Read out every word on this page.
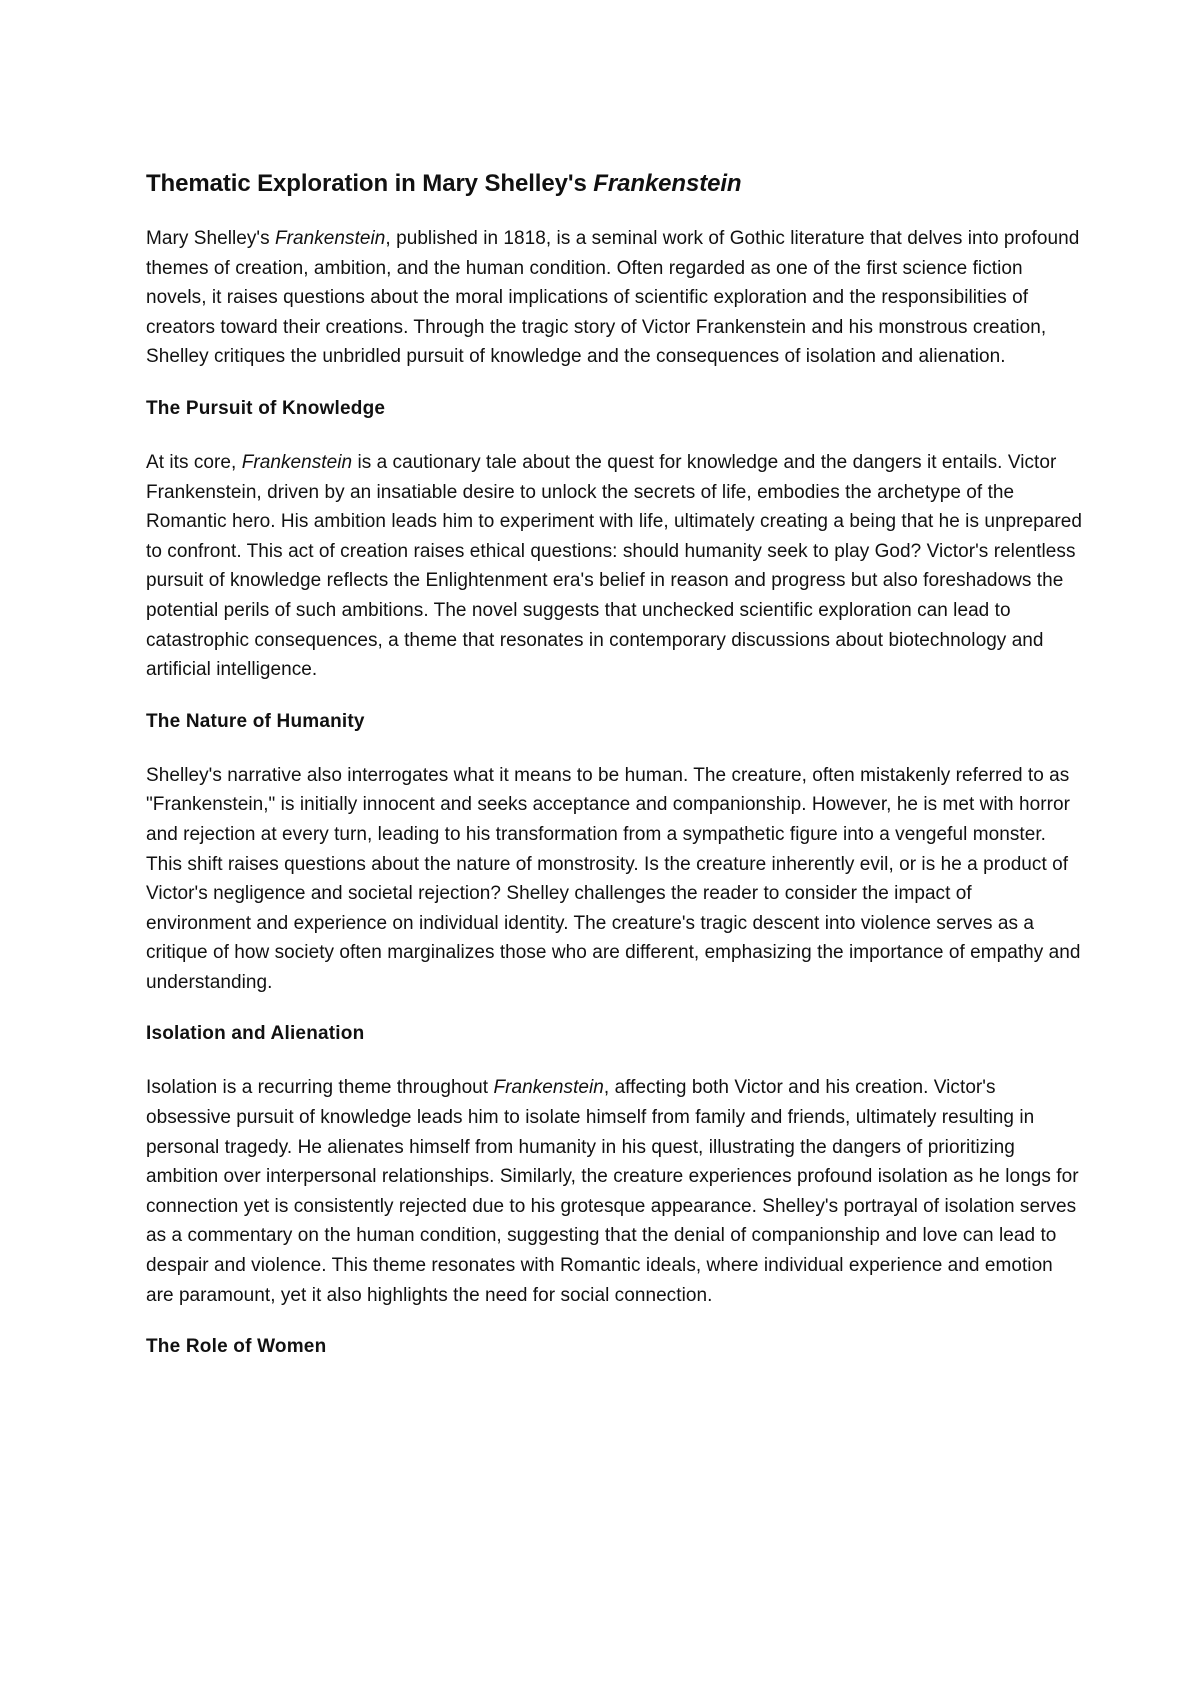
Thematic Exploration in Mary Shelley's Frankenstein

Mary Shelley's Frankenstein, published in 1818, is a seminal work of Gothic literature that delves into profound themes of creation, ambition, and the human condition. Often regarded as one of the first science fiction novels, it raises questions about the moral implications of scientific exploration and the responsibilities of creators toward their creations. Through the tragic story of Victor Frankenstein and his monstrous creation, Shelley critiques the unbridled pursuit of knowledge and the consequences of isolation and alienation.

The Pursuit of Knowledge

At its core, Frankenstein is a cautionary tale about the quest for knowledge and the dangers it entails. Victor Frankenstein, driven by an insatiable desire to unlock the secrets of life, embodies the archetype of the Romantic hero. His ambition leads him to experiment with life, ultimately creating a being that he is unprepared to confront. This act of creation raises ethical questions: should humanity seek to play God? Victor's relentless pursuit of knowledge reflects the Enlightenment era's belief in reason and progress but also foreshadows the potential perils of such ambitions. The novel suggests that unchecked scientific exploration can lead to catastrophic consequences, a theme that resonates in contemporary discussions about biotechnology and artificial intelligence.

The Nature of Humanity

Shelley's narrative also interrogates what it means to be human. The creature, often mistakenly referred to as "Frankenstein," is initially innocent and seeks acceptance and companionship. However, he is met with horror and rejection at every turn, leading to his transformation from a sympathetic figure into a vengeful monster. This shift raises questions about the nature of monstrosity. Is the creature inherently evil, or is he a product of Victor's negligence and societal rejection? Shelley challenges the reader to consider the impact of environment and experience on individual identity. The creature's tragic descent into violence serves as a critique of how society often marginalizes those who are different, emphasizing the importance of empathy and understanding.

Isolation and Alienation

Isolation is a recurring theme throughout Frankenstein, affecting both Victor and his creation. Victor's obsessive pursuit of knowledge leads him to isolate himself from family and friends, ultimately resulting in personal tragedy. He alienates himself from humanity in his quest, illustrating the dangers of prioritizing ambition over interpersonal relationships. Similarly, the creature experiences profound isolation as he longs for connection yet is consistently rejected due to his grotesque appearance. Shelley's portrayal of isolation serves as a commentary on the human condition, suggesting that the denial of companionship and love can lead to despair and violence. This theme resonates with Romantic ideals, where individual experience and emotion are paramount, yet it also highlights the need for social connection.

The Role of Women
